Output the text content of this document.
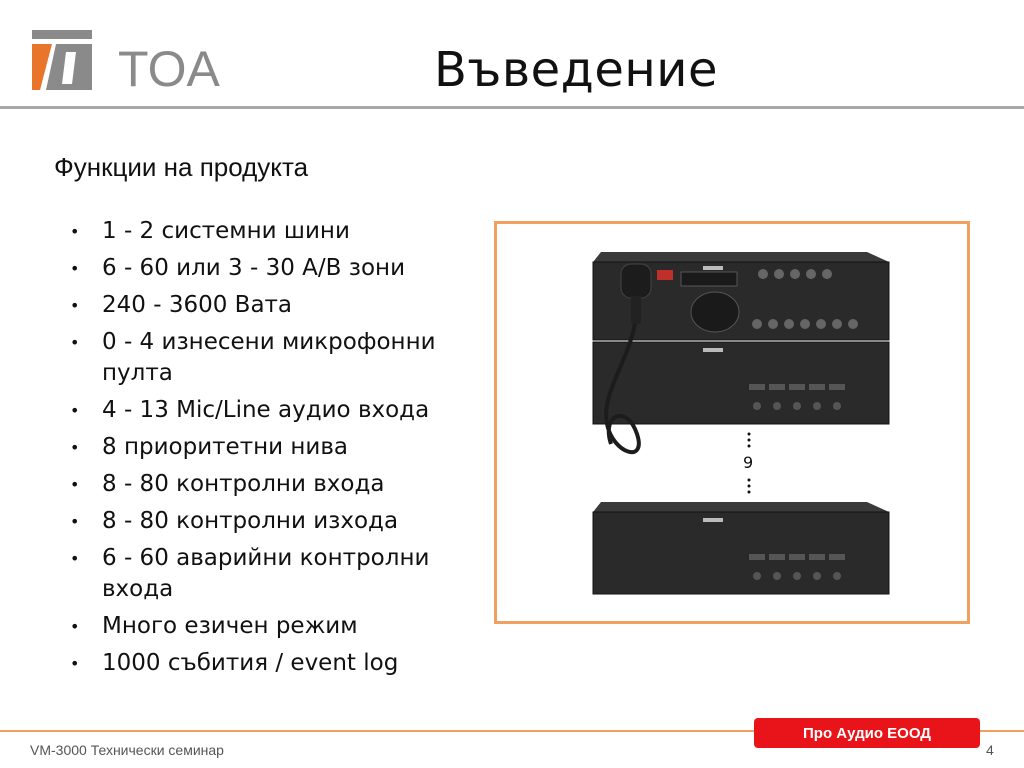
TOA	Въведение
Функции на продукта
• 1 - 2 системни шини
• 6 - 60 или 3 - 30 A/B зони
• 240 - 3600 Вата
• 0 - 4 изнесени микрофонни пулта
• 4 - 13 Mic/Line аудио входа
• 8 приоритетни нива
• 8 - 80 контролни входа
• 8 - 80 контролни изхода
• 6 - 60 аварийни контролни входа
• Много езичен режим
• 1000 събития / event log
9
VM-3000 Технически семинар
Про Аудио ЕООД
4
